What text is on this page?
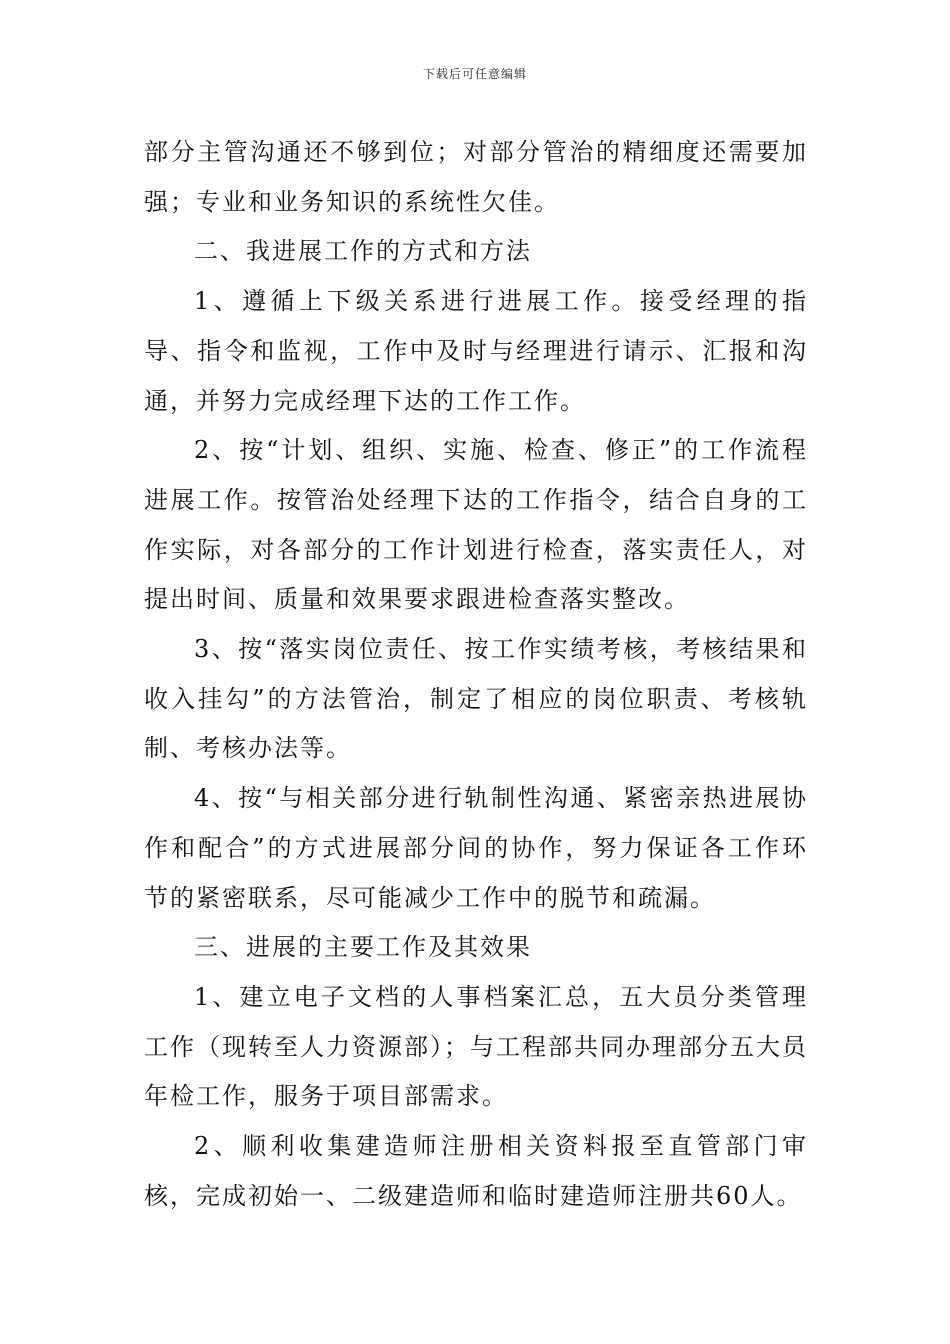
下载后可任意编辑

部分主管沟通还不够到位；对部分管治的精细度还需要加强；专业和业务知识的系统性欠佳。

二、我进展工作的方式和方法

1、遵循上下级关系进行进展工作。接受经理的指导、指令和监视，工作中及时与经理进行请示、汇报和沟通，并努力完成经理下达的工作工作。

2、按“计划、组织、实施、检查、修正”的工作流程进展工作。按管治处经理下达的工作指令，结合自身的工作实际，对各部分的工作计划进行检查，落实责任人，对提出时间、质量和效果要求跟进检查落实整改。

3、按“落实岗位责任、按工作实绩考核，考核结果和收入挂勾”的方法管治，制定了相应的岗位职责、考核轨制、考核办法等。

4、按“与相关部分进行轨制性沟通、紧密亲热进展协作和配合”的方式进展部分间的协作，努力保证各工作环节的紧密联系，尽可能减少工作中的脱节和疏漏。

三、进展的主要工作及其效果

1、建立电子文档的人事档案汇总，五大员分类管理工作（现转至人力资源部）；与工程部共同办理部分五大员年检工作，服务于项目部需求。

2、顺利收集建造师注册相关资料报至直管部门审核，完成初始一、二级建造师和临时建造师注册共60人。
